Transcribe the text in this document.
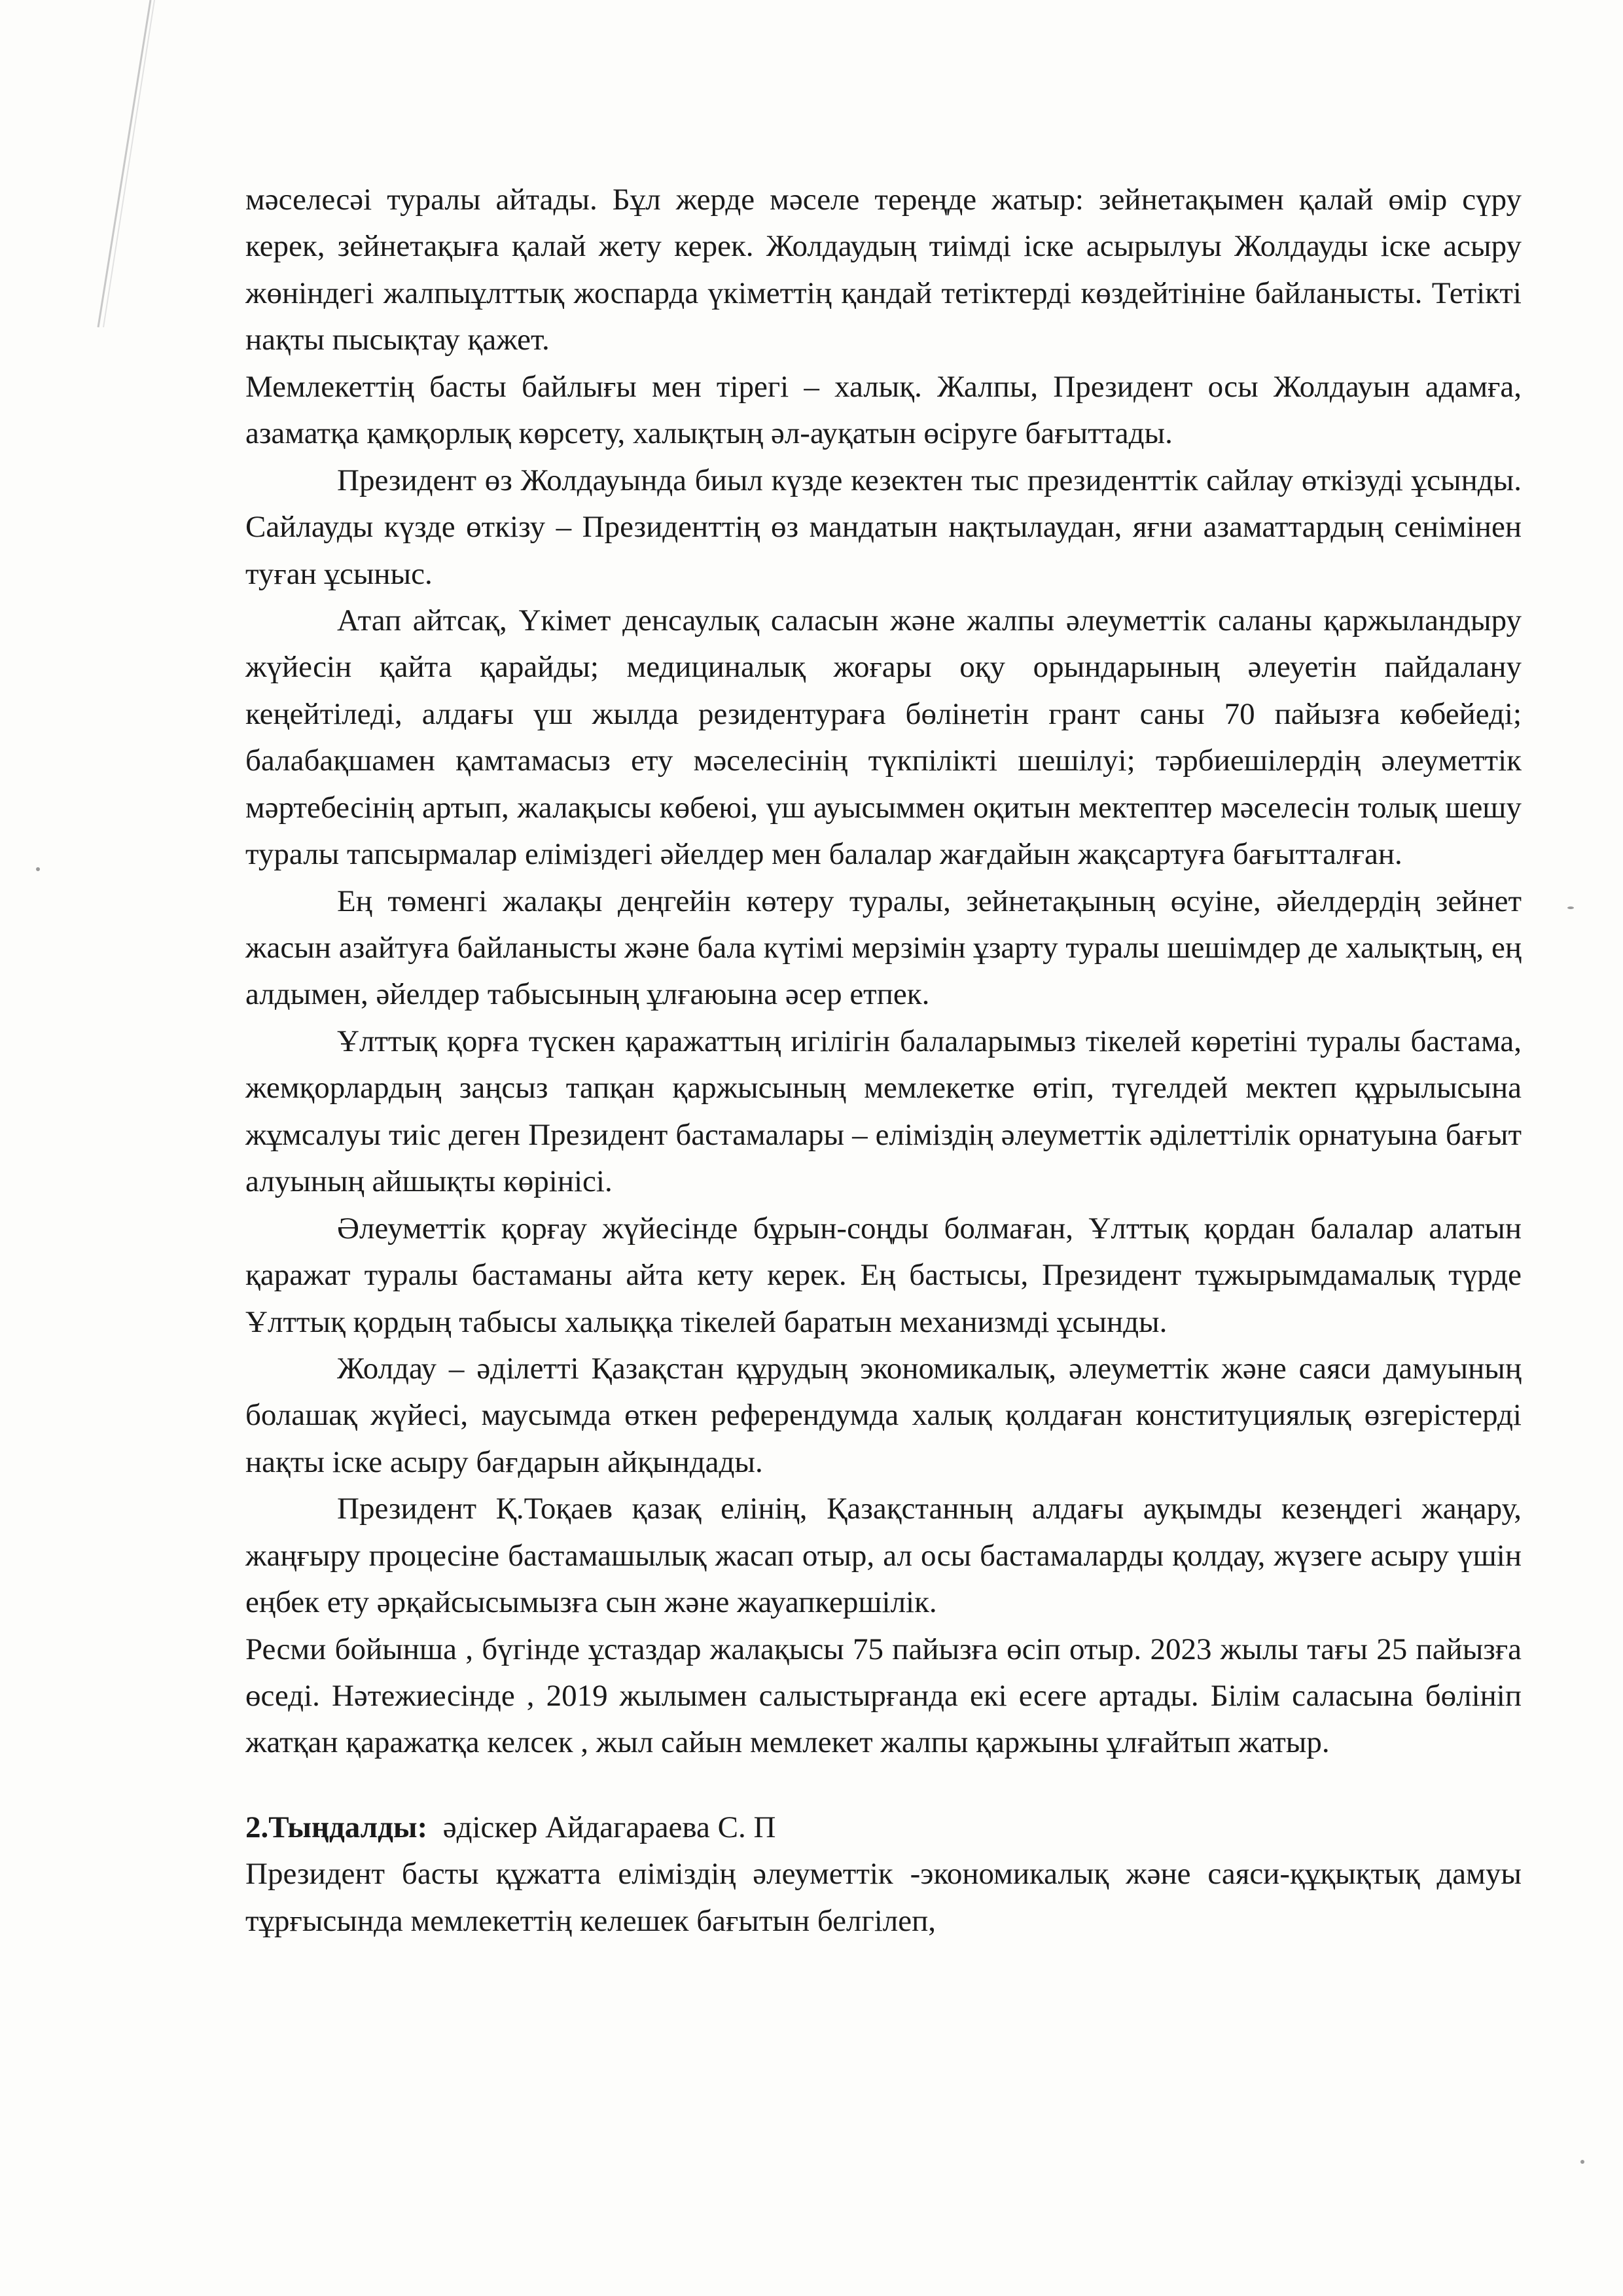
мәселесәі туралы айтады. Бұл жерде мәселе тереңде жатыр: зейнетақымен қалай өмір сүру керек, зейнетақыға қалай жету керек. Жолдаудың тиімді іске асырылуы Жолдауды іске асыру жөніндегі жалпыұлттық жоспарда үкіметтің қандай тетіктерді көздейтініне байланысты. Тетікті нақты пысықтау қажет.

Мемлекеттің басты байлығы мен тірегі – халық. Жалпы, Президент осы Жолдауын адамға, азаматқа қамқорлық көрсету, халықтың әл-ауқатын өсіруге бағыттады.

Президент өз Жолдауында биыл күзде кезектен тыс президенттік сайлау өткізуді ұсынды. Сайлауды күзде өткізу – Президенттің өз мандатын нақтылаудан, яғни азаматтардың сенімінен туған ұсыныс.

Атап айтсақ, Үкімет денсаулық саласын және жалпы әлеуметтік саланы қаржыландыру жүйесін қайта қарайды; медициналық жоғары оқу орындарының әлеуетін пайдалану кеңейтіледі, алдағы үш жылда резидентураға бөлінетін грант саны 70 пайызға көбейеді; балабақшамен қамтамасыз ету мәселесінің түкпілікті шешілуі; тәрбиешілердің әлеуметтік мәртебесінің артып, жалақысы көбеюі, үш ауысыммен оқитын мектептер мәселесін толық шешу туралы тапсырмалар еліміздегі әйелдер мен балалар жағдайын жақсартуға бағытталған.

Ең төменгі жалақы деңгейін көтеру туралы, зейнетақының өсуіне, әйелдердің зейнет жасын азайтуға байланысты және бала күтімі мерзімін ұзарту туралы шешімдер де халықтың, ең алдымен, әйелдер табысының ұлғаюына әсер етпек.

Ұлттық қорға түскен қаражаттың игілігін балаларымыз тікелей көретіні туралы бастама, жемқорлардың заңсыз тапқан қаржысының мемлекетке өтіп, түгелдей мектеп құрылысына жұмсалуы тиіс деген Президент бастамалары – еліміздің әлеуметтік әділеттілік орнатуына бағыт алуының айшықты көрінісі.

Әлеуметтік қорғау жүйесінде бұрын-соңды болмаған, Ұлттық қордан балалар алатын қаражат туралы бастаманы айта кету керек. Ең бастысы, Президент тұжырымдамалық түрде Ұлттық қордың табысы халыққа тікелей баратын механизмді ұсынды.

Жолдау – әділетті Қазақстан құрудың экономикалық, әлеуметтік және саяси дамуының болашақ жүйесі, маусымда өткен референдумда халық қолдаған конституциялық өзгерістерді нақты іске асыру бағдарын айқындады.

Президент Қ.Тоқаев қазақ елінің, Қазақстанның алдағы ауқымды кезеңдегі жаңару, жаңғыру процесіне бастамашылық жасап отыр, ал осы бастамаларды қолдау, жүзеге асыру үшін еңбек ету әрқайсысымызға сын және жауапкершілік.

Ресми бойынша , бүгінде ұстаздар жалақысы 75 пайызға өсіп отыр. 2023 жылы тағы 25 пайызға өседі. Нәтежиесінде , 2019 жылымен салыстырғанда екі есеге артады. Білім саласына бөлініп жатқан қаражатқа келсек , жыл сайын мемлекет жалпы қаржыны ұлғайтып жатыр.

2.Тыңдалды: әдіскер Айдагараева С. П

Президент басты құжатта еліміздің әлеуметтік -экономикалық және саяси-құқықтық дамуы тұрғысында мемлекеттің келешек бағытын белгілеп,
